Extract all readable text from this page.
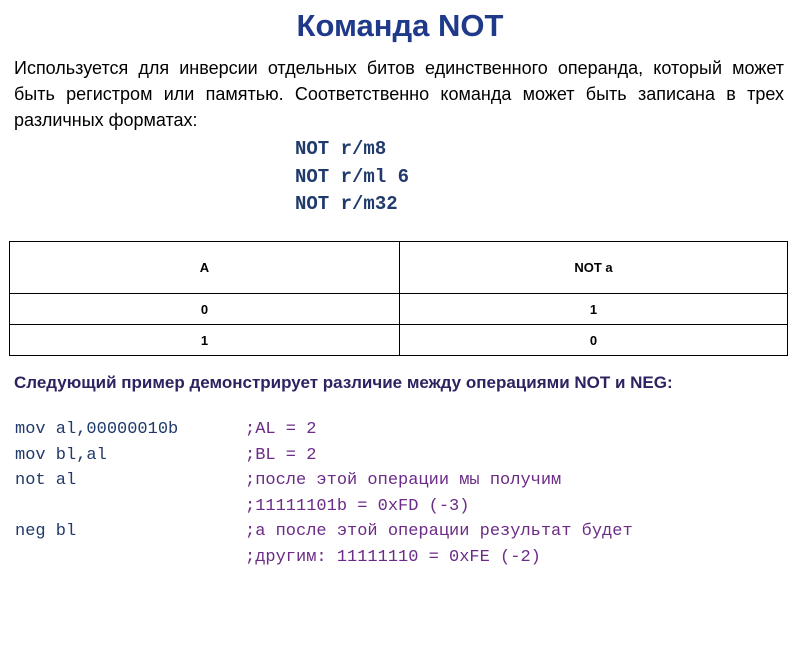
Команда NOT
Используется для инверсии отдельных битов единственного операнда, который может быть регистром или памятью. Соответственно команда может быть записана в трех различных форматах:
NOT r/m8
NOT r/ml 6
NOT r/m32
A	NOT a
0	1
1	0
Следующий пример демонстрирует различие между операциями NOT и NEG:

mov al,00000010b

	;AL = 2

mov bl,al

	;BL = 2

not al

	;после этой операции мы получим

;11111101b = 0xFD (-3)

neg bl

	;а после этой операции результат будет

;другим: 11111110 = 0xFE (-2)
